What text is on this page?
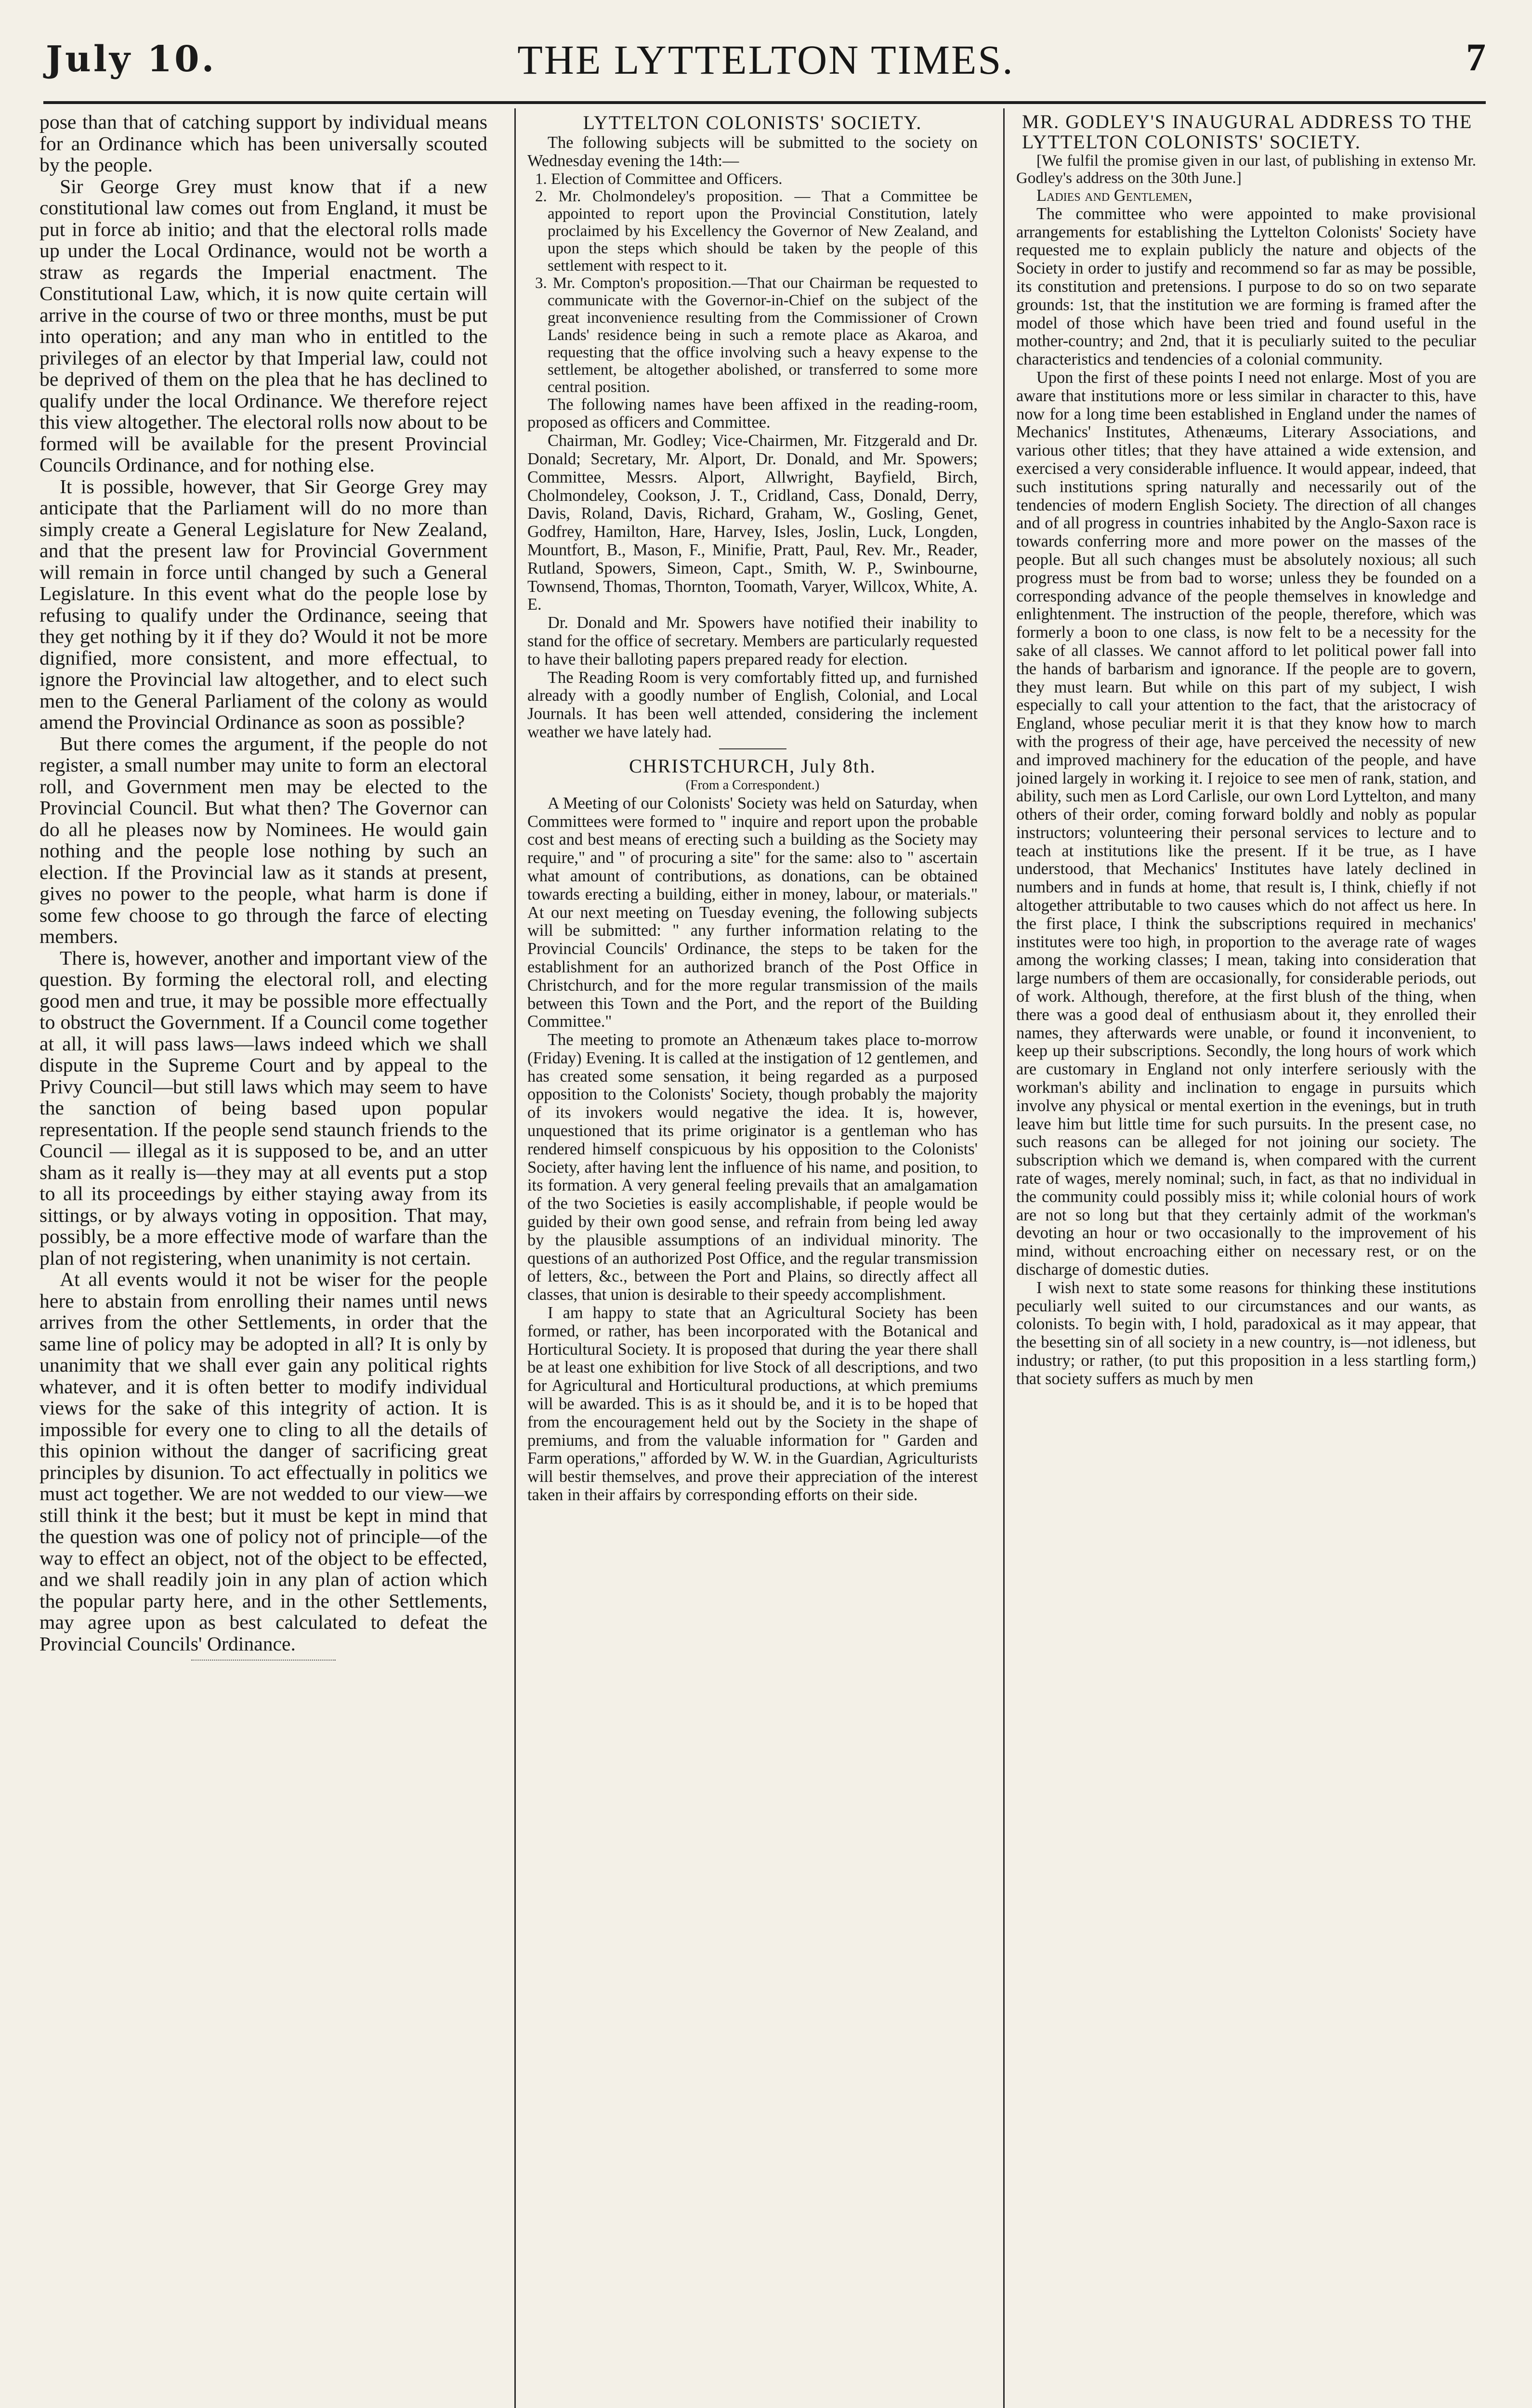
July 10.	THE LYTTELTON TIMES.	7

pose than that of catching support by individual means for an Ordinance which has been universally scouted by the people.

Sir George Grey must know that if a new constitutional law comes out from England, it must be put in force ab initio; and that the electoral rolls made up under the Local Ordinance, would not be worth a straw as regards the Imperial enactment. The Constitutional Law, which, it is now quite certain will arrive in the course of two or three months, must be put into operation; and any man who in entitled to the privileges of an elector by that Imperial law, could not be deprived of them on the plea that he has declined to qualify under the local Ordinance. We therefore reject this view altogether. The electoral rolls now about to be formed will be available for the present Provincial Councils Ordinance, and for nothing else.

It is possible, however, that Sir George Grey may anticipate that the Parliament will do no more than simply create a General Legislature for New Zealand, and that the present law for Provincial Government will remain in force until changed by such a General Legislature. In this event what do the people lose by refusing to qualify under the Ordinance, seeing that they get nothing by it if they do? Would it not be more dignified, more consistent, and more effectual, to ignore the Provincial law altogether, and to elect such men to the General Parliament of the colony as would amend the Provincial Ordinance as soon as possible?

But there comes the argument, if the people do not register, a small number may unite to form an electoral roll, and Government men may be elected to the Provincial Council. But what then? The Governor can do all he pleases now by Nominees. He would gain nothing and the people lose nothing by such an election. If the Provincial law as it stands at present, gives no power to the people, what harm is done if some few choose to go through the farce of electing members.

There is, however, another and important view of the question. By forming the electoral roll, and electing good men and true, it may be possible more effectually to obstruct the Government. If a Council come together at all, it will pass laws—laws indeed which we shall dispute in the Supreme Court and by appeal to the Privy Council—but still laws which may seem to have the sanction of being based upon popular representation. If the people send staunch friends to the Council — illegal as it is supposed to be, and an utter sham as it really is—they may at all events put a stop to all its proceedings by either staying away from its sittings, or by always voting in opposition. That may, possibly, be a more effective mode of warfare than the plan of not registering, when unanimity is not certain.

At all events would it not be wiser for the people here to abstain from enrolling their names until news arrives from the other Settlements, in order that the same line of policy may be adopted in all? It is only by unanimity that we shall ever gain any political rights whatever, and it is often better to modify individual views for the sake of this integrity of action. It is impossible for every one to cling to all the details of this opinion without the danger of sacrificing great principles by disunion. To act effectually in politics we must act together. We are not wedded to our view—we still think it the best; but it must be kept in mind that the question was one of policy not of principle—of the way to effect an object, not of the object to be effected, and we shall readily join in any plan of action which the popular party here, and in the other Settlements, may agree upon as best calculated to defeat the Provincial Councils' Ordinance.

LYTTELTON COLONISTS' SOCIETY.

The following subjects will be submitted to the society on Wednesday evening the 14th:—

1. Election of Committee and Officers.

2. Mr. Cholmondeley's proposition. — That a Committee be appointed to report upon the Provincial Constitution, lately proclaimed by his Excellency the Governor of New Zealand, and upon the steps which should be taken by the people of this settlement with respect to it.

3. Mr. Compton's proposition.—That our Chairman be requested to communicate with the Governor-in-Chief on the subject of the great inconvenience resulting from the Commissioner of Crown Lands' residence being in such a remote place as Akaroa, and requesting that the office involving such a heavy expense to the settlement, be altogether abolished, or transferred to some more central position.

The following names have been affixed in the reading-room, proposed as officers and Committee.

Chairman, Mr. Godley; Vice-Chairmen, Mr. Fitzgerald and Dr. Donald; Secretary, Mr. Alport, Dr. Donald, and Mr. Spowers; Committee, Messrs. Alport, Allwright, Bayfield, Birch, Cholmondeley, Cookson, J. T., Cridland, Cass, Donald, Derry, Davis, Roland, Davis, Richard, Graham, W., Gosling, Genet, Godfrey, Hamilton, Hare, Harvey, Isles, Joslin, Luck, Longden, Mountfort, B., Mason, F., Minifie, Pratt, Paul, Rev. Mr., Reader, Rutland, Spowers, Simeon, Capt., Smith, W. P., Swinbourne, Townsend, Thomas, Thornton, Toomath, Varyer, Willcox, White, A. E.

Dr. Donald and Mr. Spowers have notified their inability to stand for the office of secretary. Members are particularly requested to have their balloting papers prepared ready for election.

The Reading Room is very comfortably fitted up, and furnished already with a goodly number of English, Colonial, and Local Journals. It has been well attended, considering the inclement weather we have lately had.

CHRISTCHURCH, July 8th.
(From a Correspondent.)

A Meeting of our Colonists' Society was held on Saturday, when Committees were formed to " inquire and report upon the probable cost and best means of erecting such a building as the Society may require," and " of procuring a site" for the same: also to " ascertain what amount of contributions, as donations, can be obtained towards erecting a building, either in money, labour, or materials." At our next meeting on Tuesday evening, the following subjects will be submitted: " any further information relating to the Provincial Councils' Ordinance, the steps to be taken for the establishment for an authorized branch of the Post Office in Christchurch, and for the more regular transmission of the mails between this Town and the Port, and the report of the Building Committee."

The meeting to promote an Athenæum takes place to-morrow (Friday) Evening. It is called at the instigation of 12 gentlemen, and has created some sensation, it being regarded as a purposed opposition to the Colonists' Society, though probably the majority of its invokers would negative the idea. It is, however, unquestioned that its prime originator is a gentleman who has rendered himself conspicuous by his opposition to the Colonists' Society, after having lent the influence of his name, and position, to its formation. A very general feeling prevails that an amalgamation of the two Societies is easily accomplishable, if people would be guided by their own good sense, and refrain from being led away by the plausible assumptions of an individual minority. The questions of an authorized Post Office, and the regular transmission of letters, &c., between the Port and Plains, so directly affect all classes, that union is desirable to their speedy accomplishment.

I am happy to state that an Agricultural Society has been formed, or rather, has been incorporated with the Botanical and Horticultural Society. It is proposed that during the year there shall be at least one exhibition for live Stock of all descriptions, and two for Agricultural and Horticultural productions, at which premiums will be awarded. This is as it should be, and it is to be hoped that from the encouragement held out by the Society in the shape of premiums, and from the valuable information for " Garden and Farm operations," afforded by W. W. in the Guardian, Agriculturists will bestir themselves, and prove their appreciation of the interest taken in their affairs by corresponding efforts on their side.

MR. GODLEY'S INAUGURAL ADDRESS TO THE LYTTELTON COLONISTS' SOCIETY.

[We fulfil the promise given in our last, of publishing in extenso Mr. Godley's address on the 30th June.]

Ladies and Gentlemen,

The committee who were appointed to make provisional arrangements for establishing the Lyttelton Colonists' Society have requested me to explain publicly the nature and objects of the Society in order to justify and recommend so far as may be possible, its constitution and pretensions. I purpose to do so on two separate grounds: 1st, that the institution we are forming is framed after the model of those which have been tried and found useful in the mother-country; and 2nd, that it is peculiarly suited to the peculiar characteristics and tendencies of a colonial community.

Upon the first of these points I need not enlarge. Most of you are aware that institutions more or less similar in character to this, have now for a long time been established in England under the names of Mechanics' Institutes, Athenæums, Literary Associations, and various other titles; that they have attained a wide extension, and exercised a very considerable influence. It would appear, indeed, that such institutions spring naturally and necessarily out of the tendencies of modern English Society. The direction of all changes and of all progress in countries inhabited by the Anglo-Saxon race is towards conferring more and more power on the masses of the people. But all such changes must be absolutely noxious; all such progress must be from bad to worse; unless they be founded on a corresponding advance of the people themselves in knowledge and enlightenment. The instruction of the people, therefore, which was formerly a boon to one class, is now felt to be a necessity for the sake of all classes. We cannot afford to let political power fall into the hands of barbarism and ignorance. If the people are to govern, they must learn. But while on this part of my subject, I wish especially to call your attention to the fact, that the aristocracy of England, whose peculiar merit it is that they know how to march with the progress of their age, have perceived the necessity of new and improved machinery for the education of the people, and have joined largely in working it. I rejoice to see men of rank, station, and ability, such men as Lord Carlisle, our own Lord Lyttelton, and many others of their order, coming forward boldly and nobly as popular instructors; volunteering their personal services to lecture and to teach at institutions like the present. If it be true, as I have understood, that Mechanics' Institutes have lately declined in numbers and in funds at home, that result is, I think, chiefly if not altogether attributable to two causes which do not affect us here. In the first place, I think the subscriptions required in mechanics' institutes were too high, in proportion to the average rate of wages among the working classes; I mean, taking into consideration that large numbers of them are occasionally, for considerable periods, out of work. Although, therefore, at the first blush of the thing, when there was a good deal of enthusiasm about it, they enrolled their names, they afterwards were unable, or found it inconvenient, to keep up their subscriptions. Secondly, the long hours of work which are customary in England not only interfere seriously with the workman's ability and inclination to engage in pursuits which involve any physical or mental exertion in the evenings, but in truth leave him but little time for such pursuits. In the present case, no such reasons can be alleged for not joining our society. The subscription which we demand is, when compared with the current rate of wages, merely nominal; such, in fact, as that no individual in the community could possibly miss it; while colonial hours of work are not so long but that they certainly admit of the workman's devoting an hour or two occasionally to the improvement of his mind, without encroaching either on necessary rest, or on the discharge of domestic duties.

I wish next to state some reasons for thinking these institutions peculiarly well suited to our circumstances and our wants, as colonists. To begin with, I hold, paradoxical as it may appear, that the besetting sin of all society in a new country, is—not idleness, but industry; or rather, (to put this proposition in a less startling form,) that society suffers as much by men
